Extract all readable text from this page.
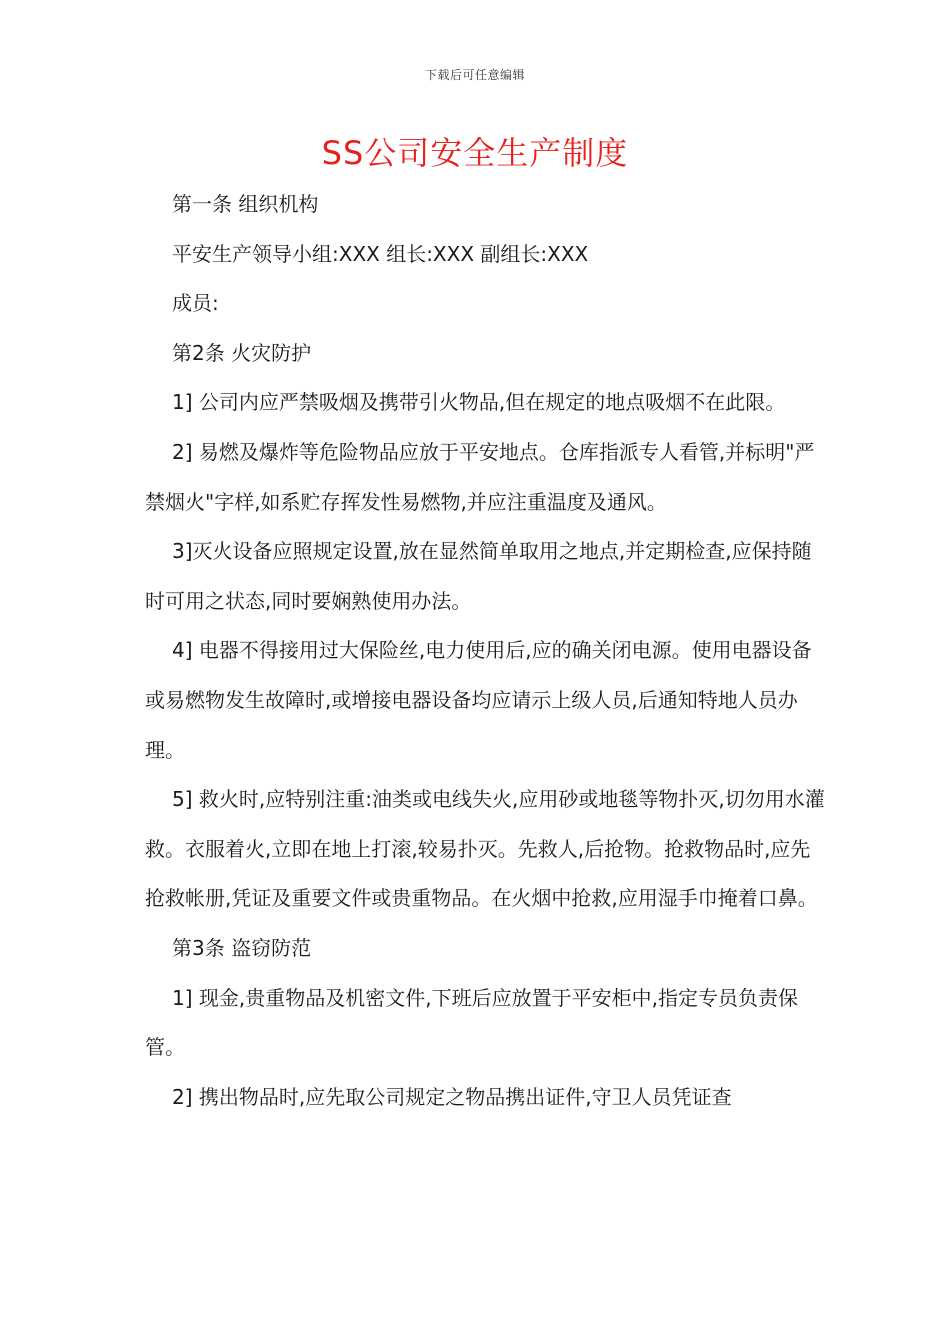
下载后可任意编辑
SS公司安全生产制度

第一条 组织机构

平安生产领导小组:XXX 组长:XXX 副组长:XXX

成员:

第2条 火灾防护

1] 公司内应严禁吸烟及携带引火物品,但在规定的地点吸烟不在此限。

2] 易燃及爆炸等危险物品应放于平安地点。仓库指派专人看管,并标明"严禁烟火"字样,如系贮存挥发性易燃物,并应注重温度及通风。

3]灭火设备应照规定设置,放在显然简单取用之地点,并定期检查,应保持随时可用之状态,同时要娴熟使用办法。

4] 电器不得接用过大保险丝,电力使用后,应的确关闭电源。使用电器设备或易燃物发生故障时,或增接电器设备均应请示上级人员,后通知特地人员办理。

5] 救火时,应特别注重:油类或电线失火,应用砂或地毯等物扑灭,切勿用水灌救。衣服着火,立即在地上打滚,较易扑灭。先救人,后抢物。抢救物品时,应先抢救帐册,凭证及重要文件或贵重物品。在火烟中抢救,应用湿手巾掩着口鼻。

第3条 盗窃防范

1] 现金,贵重物品及机密文件,下班后应放置于平安柜中,指定专员负责保管。

2] 携出物品时,应先取公司规定之物品携出证件,守卫人员凭证查
